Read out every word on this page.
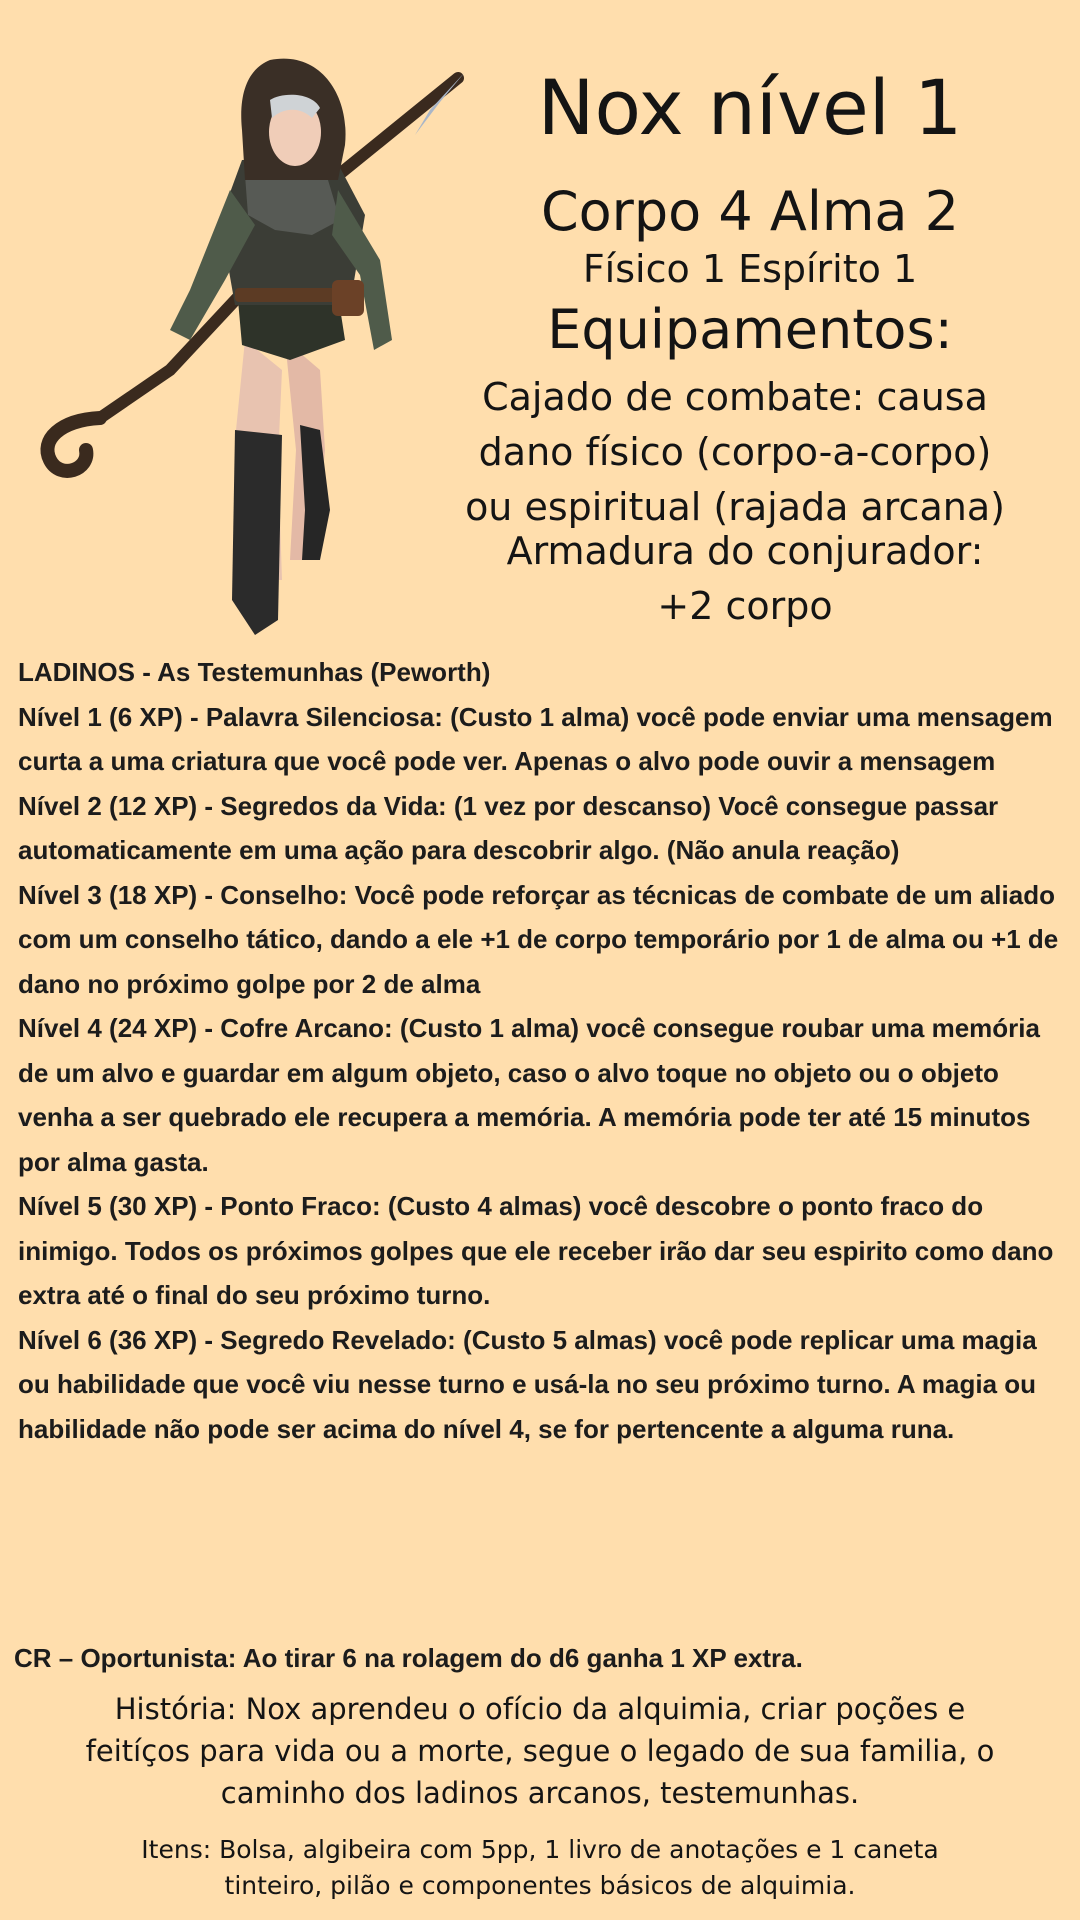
Nox nível 1
Corpo 4 Alma 2
Físico 1 Espírito 1
Equipamentos:
Cajado de combate: causa dano físico (corpo-a-corpo) ou espiritual (rajada arcana)
Armadura do conjurador: +2 corpo

LADINOS - As Testemunhas (Peworth)

Nível 1 (6 XP) - Palavra Silenciosa: (Custo 1 alma) você pode enviar uma mensagem curta a uma criatura que você pode ver. Apenas o alvo pode ouvir a mensagem

Nível 2 (12 XP) - Segredos da Vida: (1 vez por descanso) Você consegue passar automaticamente em uma ação para descobrir algo. (Não anula reação)

Nível 3 (18 XP) - Conselho: Você pode reforçar as técnicas de combate de um aliado com um conselho tático, dando a ele +1 de corpo temporário por 1 de alma ou +1 de dano no próximo golpe por 2 de alma

Nível 4 (24 XP) - Cofre Arcano: (Custo 1 alma) você consegue roubar uma memória de um alvo e guardar em algum objeto, caso o alvo toque no objeto ou o objeto venha a ser quebrado ele recupera a memória. A memória pode ter até 15 minutos por alma gasta.

Nível 5 (30 XP) - Ponto Fraco: (Custo 4 almas) você descobre o ponto fraco do inimigo. Todos os próximos golpes que ele receber irão dar seu espirito como dano extra até o final do seu próximo turno.

Nível 6 (36 XP) - Segredo Revelado: (Custo 5 almas) você pode replicar uma magia ou habilidade que você viu nesse turno e usá-la no seu próximo turno. A magia ou habilidade não pode ser acima do nível 4, se for pertencente a alguma runa.

CR – Oportunista: Ao tirar 6 na rolagem do d6 ganha 1 XP extra.
História: Nox aprendeu o ofício da alquimia, criar poções e feitíços para vida ou a morte, segue o legado de sua familia, o caminho dos ladinos arcanos, testemunhas.
Itens: Bolsa, algibeira com 5pp, 1 livro de anotações e 1 caneta tinteiro, pilão e componentes básicos de alquimia.
